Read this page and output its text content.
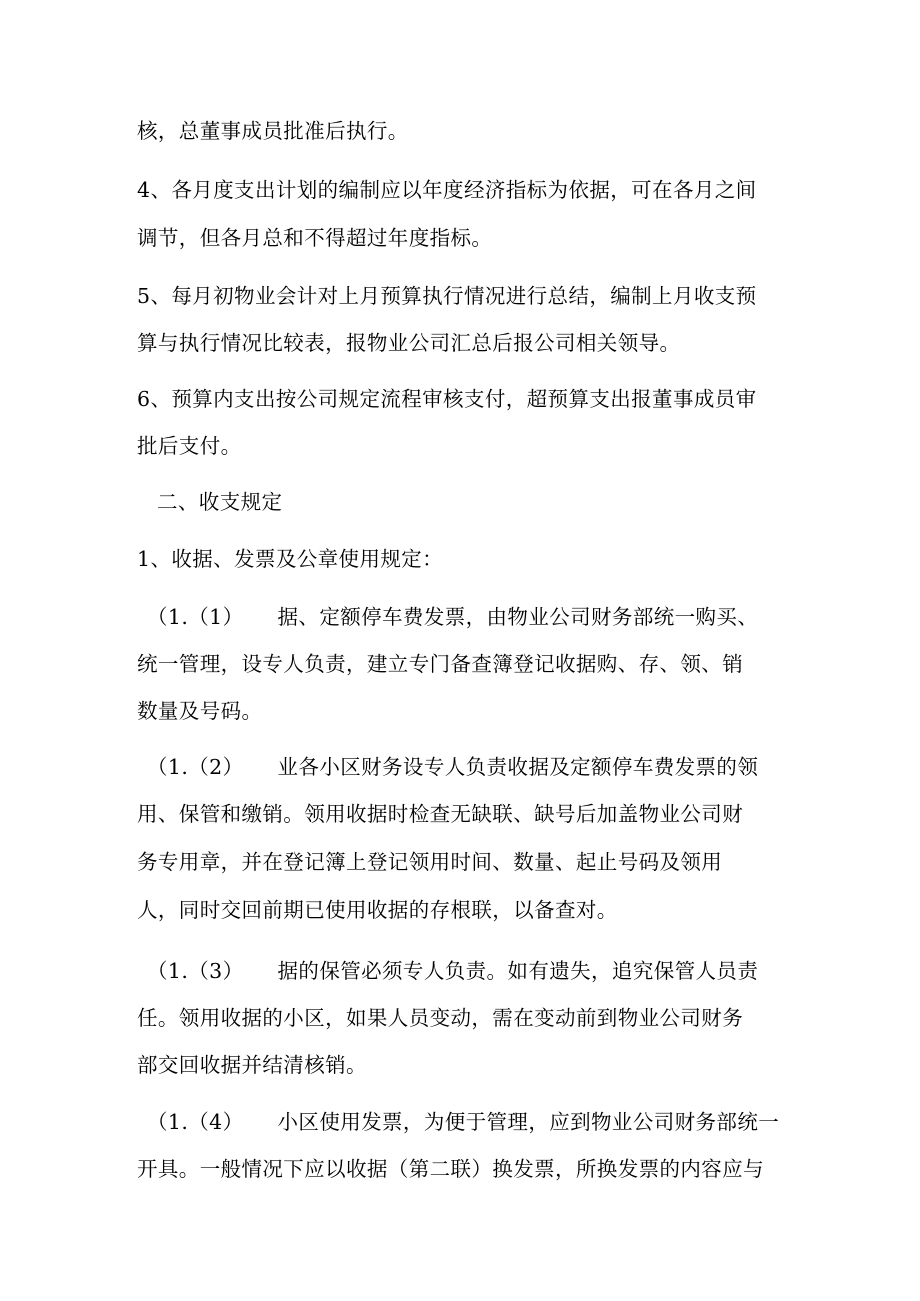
核，总董事成员批准后执行。
4、各月度支出计划的编制应以年度经济指标为依据，可在各月之间
调节，但各月总和不得超过年度指标。
5、每月初物业会计对上月预算执行情况进行总结，编制上月收支预
算与执行情况比较表，报物业公司汇总后报公司相关领导。
6、预算内支出按公司规定流程审核支付，超预算支出报董事成员审
批后支付。
二、收支规定
1、收据、发票及公章使用规定：
（1.（1） 据、定额停车费发票，由物业公司财务部统一购买、
统一管理，设专人负责，建立专门备查簿登记收据购、存、领、销
数量及号码。
（1.（2） 业各小区财务设专人负责收据及定额停车费发票的领
用、保管和缴销。领用收据时检查无缺联、缺号后加盖物业公司财
务专用章，并在登记簿上登记领用时间、数量、起止号码及领用
人，同时交回前期已使用收据的存根联，以备查对。
（1.（3） 据的保管必须专人负责。如有遗失，追究保管人员责
任。领用收据的小区，如果人员变动，需在变动前到物业公司财务
部交回收据并结清核销。
（1.（4） 小区使用发票，为便于管理，应到物业公司财务部统一
开具。一般情况下应以收据（第二联）换发票，所换发票的内容应与
